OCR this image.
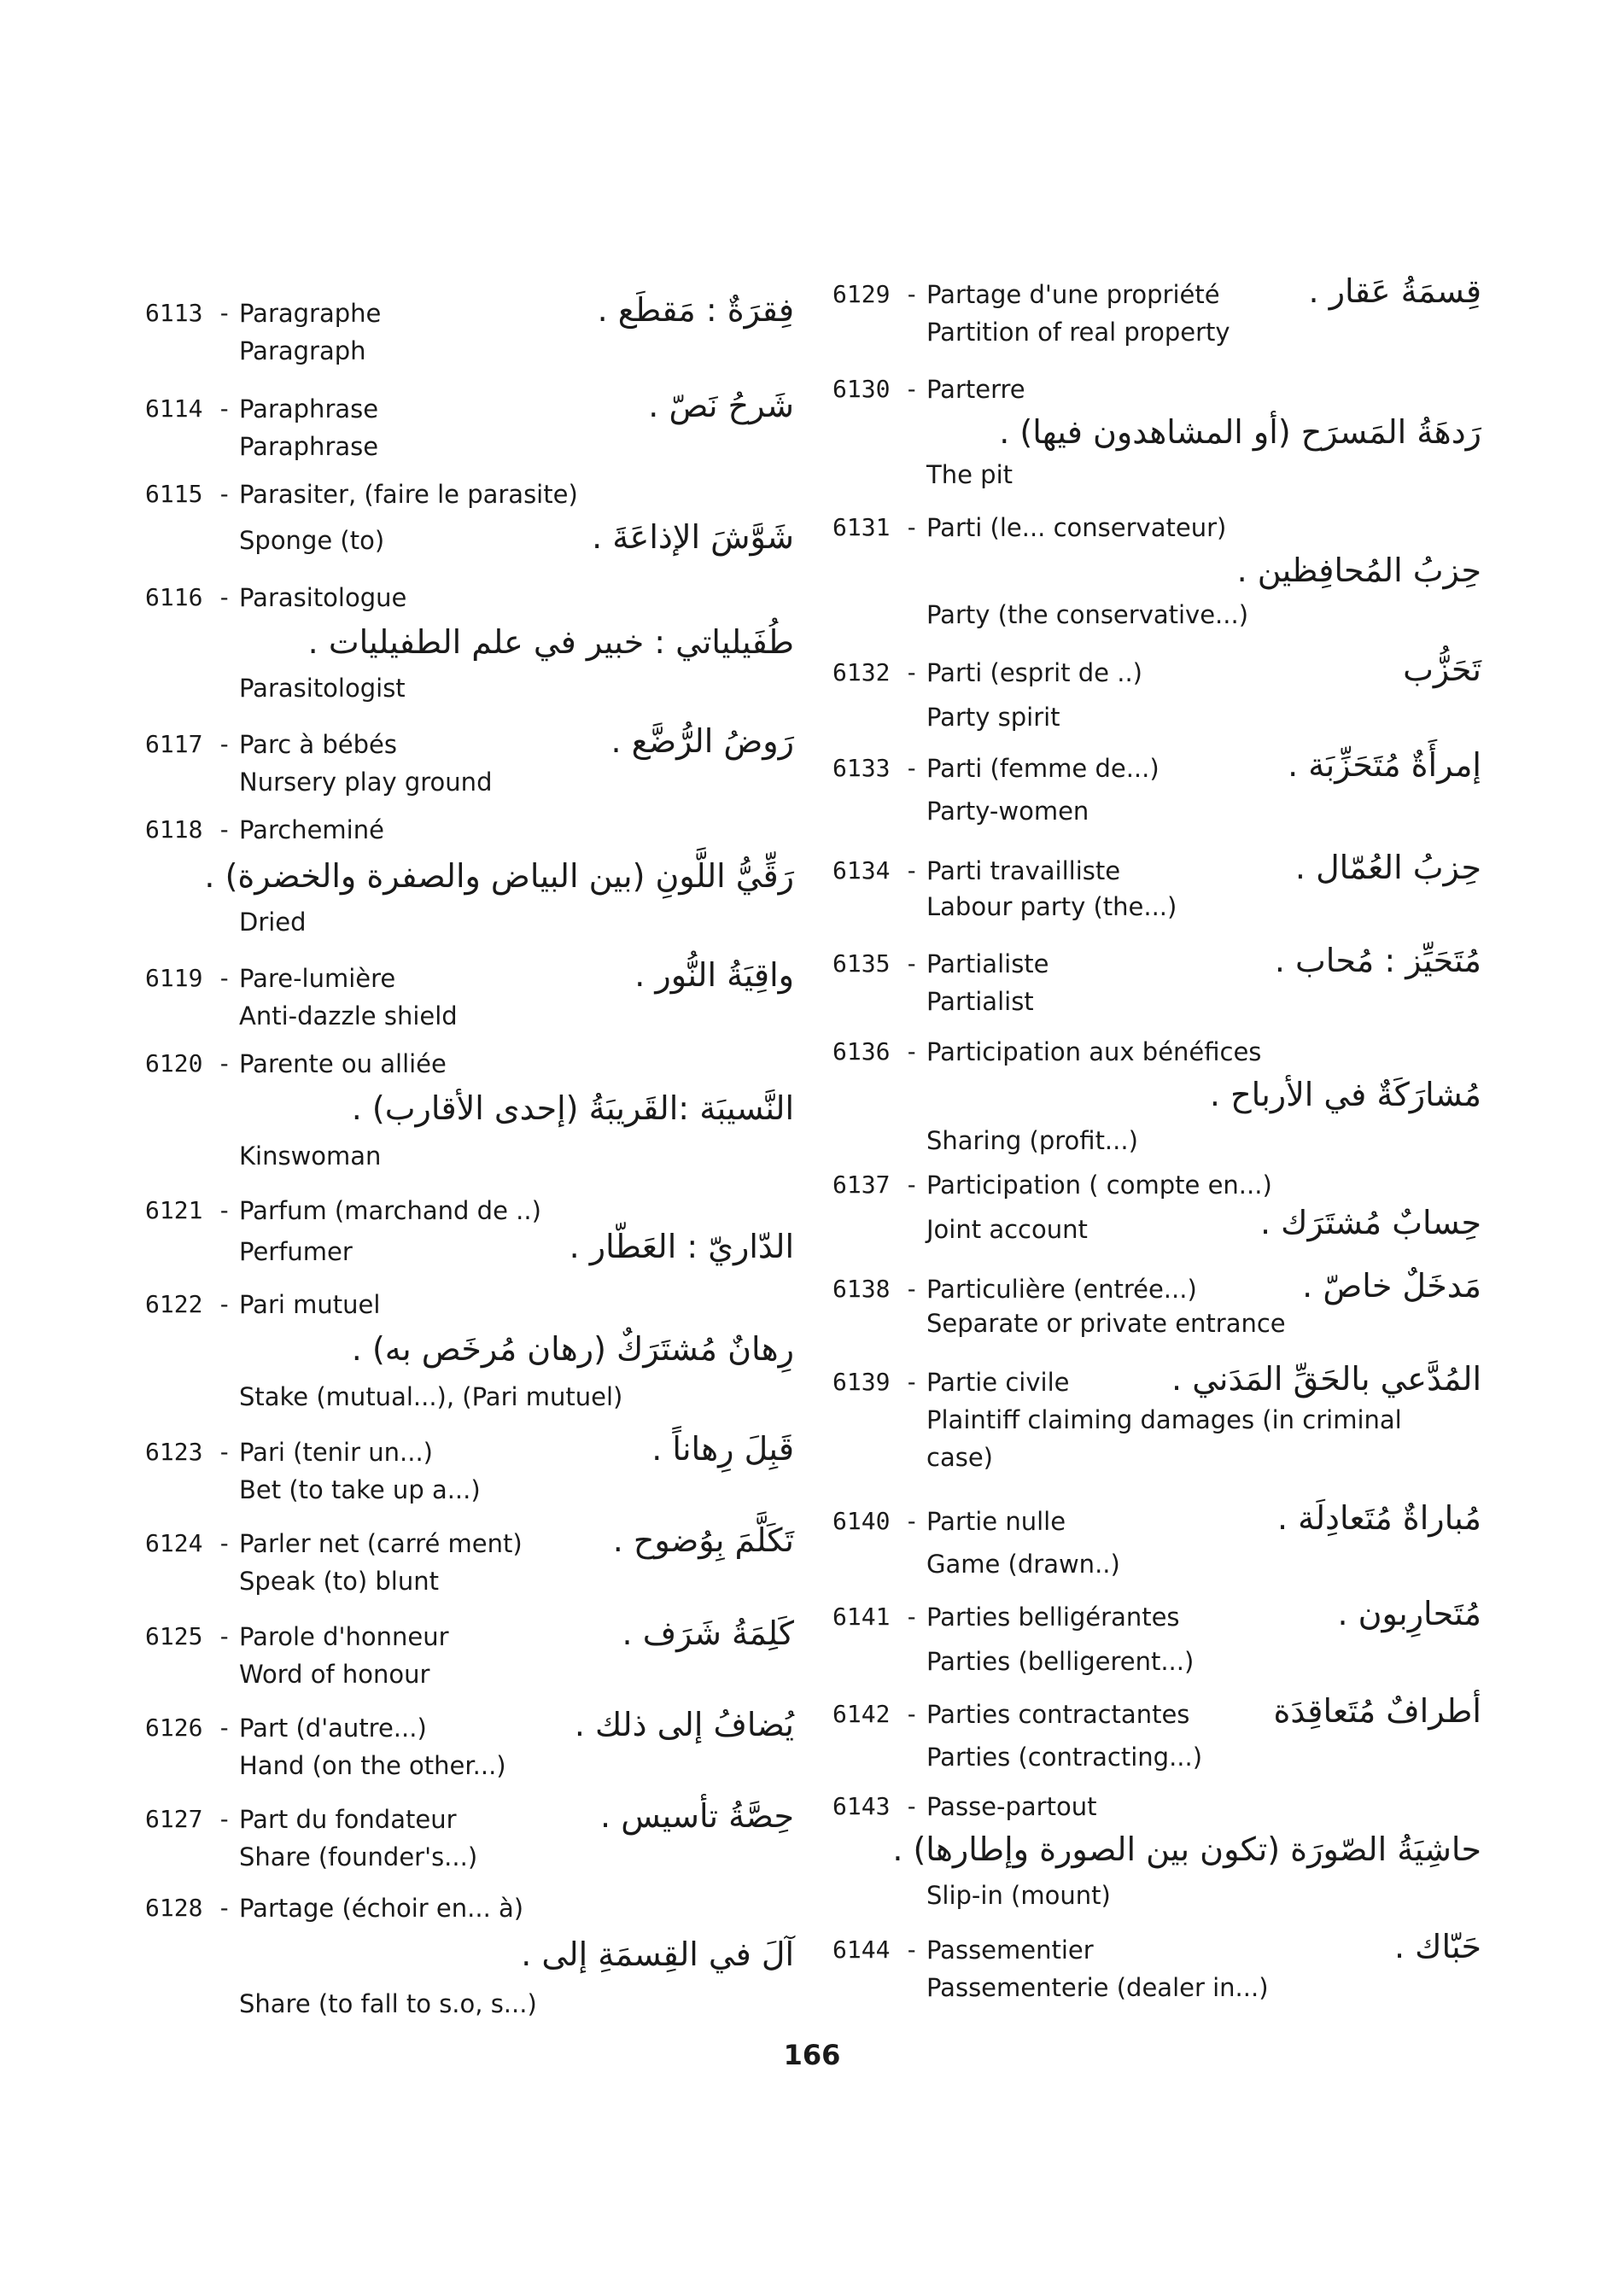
6113 -	Paragraphe	فِقرَةٌ : مَقطَع .
Paragraph
6114 -	Paraphrase	شَرحُ نَصّ .
Paraphrase
6115 -	Parasiter, (faire le parasite)
شَوَّشَ الإذاعَةَ .
Sponge (to)
6116 -	Parasitologue
طُفَيلياتي : خبير في علم الطفيليات .
Parasitologist
6117 -	Parc à bébés	رَوضُ الرُّضَّع .
Nursery play ground
6118 -	Parcheminé
رَقِّيُّ اللَّونِ (بين البياض والصفرة والخضرة) .
Dried
6119 -	Pare-lumière	واقِيَةُ النُّور .
Anti-dazzle shield
6120 -	Parente ou alliée
النَّسيبَة :القَريبَةُ (إحدى الأقارب) .
Kinswoman
6121 -	Parfum (marchand de ..)
الدّاريّ : العَطّار .
Perfumer
6122 -	Pari mutuel
رِهانٌ مُشتَرَكٌ (رهان مُرخَص به) .
Stake (mutual...), (Pari mutuel)
6123 -	Pari (tenir un...)	قَبِلَ رِهاناً .
Bet (to take up a...)
6124 -	Parler net (carré ment)	تَكَلَّمَ بِوُضوح .
Speak (to) blunt
6125 -	Parole d'honneur	كَلِمَةُ شَرَف .
Word of honour
6126 -	Part (d'autre...)	يُضافُ إلى ذلك .
Hand (on the other...)
6127 -	Part du fondateur	حِصَّةُ تأسيس .
Share (founder's...)
6128 -	Partage (échoir en... à)
آلَ في القِسمَةِ إلى .
Share (to fall to s.o, s...)
6129 -	Partage d'une propriété	قِسمَةُ عَقار .
Partition of real property
6130 -	Parterre
رَدهَةُ المَسرَح (أو المشاهدون فيها) .
The pit
6131 -	Parti (le... conservateur)
حِزبُ المُحافِظين .
Party (the conservative...)
6132 -	Parti (esprit de ..)	تَحَزُّب
Party spirit
6133 -	Parti (femme de...)	إمرأَةٌ مُتَحَزِّبَة .
Party-women
6134 -	Parti travailliste	حِزبُ العُمّال .
Labour party (the...)
6135 -	Partialiste	مُتَحَيِّز : مُحاب .
Partialist
6136 -	Participation aux bénéfices
مُشارَكَةٌ في الأرباح .
Sharing (profit...)
6137 -	Participation ( compte en...)
حِسابٌ مُشتَرَك .
Joint account
6138 -	Particulière (entrée...)	مَدخَلٌ خاصّ .
Separate or private entrance
6139 -	Partie civile	المُدَّعي بالحَقِّ المَدَني .
Plaintiff claiming damages (in criminal case)
6140 -	Partie nulle	مُباراةٌ مُتَعادِلَة .
Game (drawn..)
6141 -	Parties belligérantes	مُتَحارِبون .
Parties (belligerent...)
6142 -	Parties contractantes	أطرافٌ مُتَعاقِدَة
Parties (contracting...)
6143 -	Passe-partout
حاشِيَةُ الصّورَة (تكون بين الصورة وإطارها) .
Slip-in (mount)
6144 -	Passementier	حَبّاك .
Passementerie (dealer in...)
166
